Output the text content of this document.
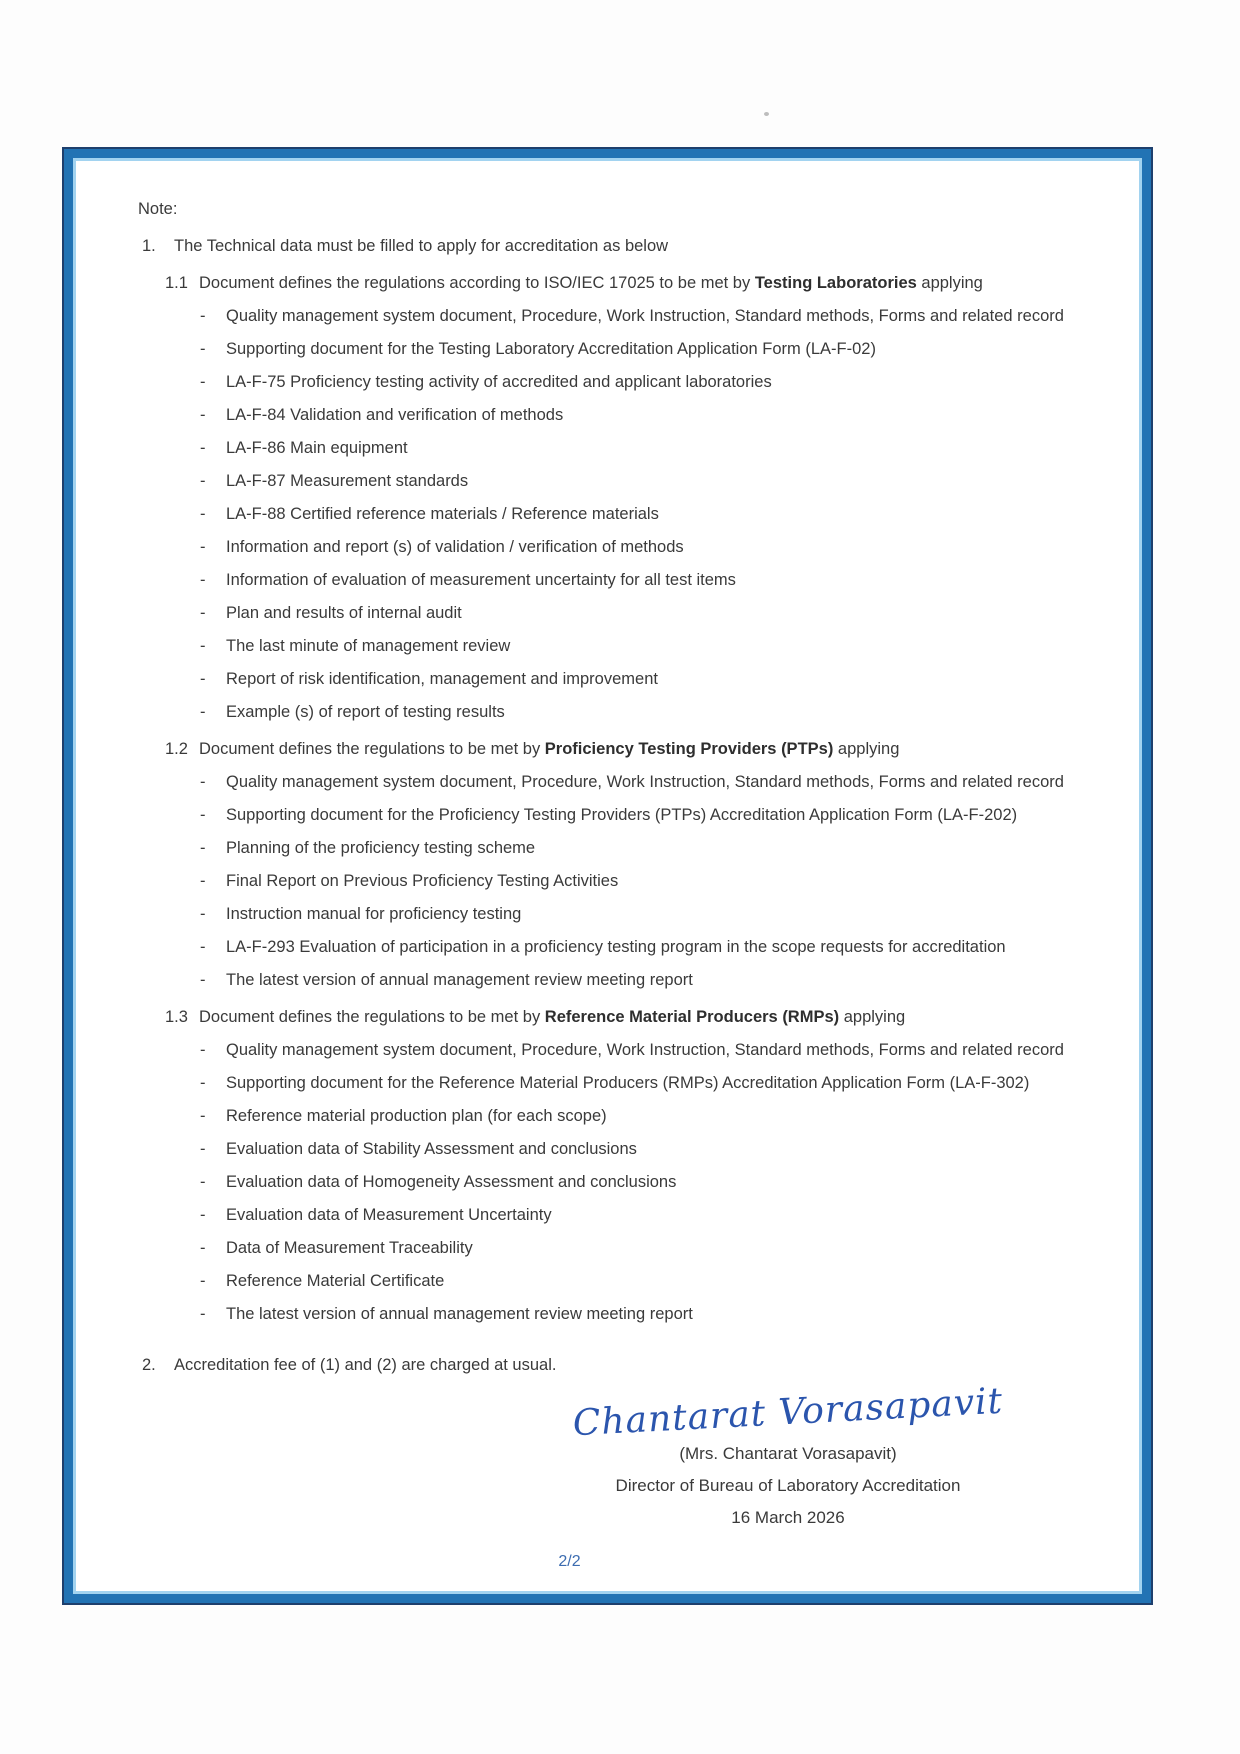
Note:
1.	The Technical data must be filled to apply for accreditation as below
1.1 Document defines the regulations according to ISO/IEC 17025 to be met by Testing Laboratories applying
-	Quality management system document, Procedure, Work Instruction, Standard methods, Forms and related record
-	Supporting document for the Testing Laboratory Accreditation Application Form (LA-F-02)
-	LA-F-75 Proficiency testing activity of accredited and applicant laboratories
-	LA-F-84 Validation and verification of methods
-	LA-F-86 Main equipment
-	LA-F-87 Measurement standards
-	LA-F-88 Certified reference materials / Reference materials
-	Information and report (s) of validation / verification of methods
-	Information of evaluation of measurement uncertainty for all test items
-	Plan and results of internal audit
-	The last minute of management review
-	Report of risk identification, management and improvement
-	Example (s) of report of testing results
1.2 Document defines the regulations to be met by Proficiency Testing Providers (PTPs) applying
-	Quality management system document, Procedure, Work Instruction, Standard methods, Forms and related record
-	Supporting document for the Proficiency Testing Providers (PTPs) Accreditation Application Form (LA-F-202)
-	Planning of the proficiency testing scheme
-	Final Report on Previous Proficiency Testing Activities
-	Instruction manual for proficiency testing
-	LA-F-293 Evaluation of participation in a proficiency testing program in the scope requests for accreditation
-	The latest version of annual management review meeting report
1.3 Document defines the regulations to be met by Reference Material Producers (RMPs) applying
-	Quality management system document, Procedure, Work Instruction, Standard methods, Forms and related record
-	Supporting document for the Reference Material Producers (RMPs) Accreditation Application Form (LA-F-302)
-	Reference material production plan (for each scope)
-	Evaluation data of Stability Assessment and conclusions
-	Evaluation data of Homogeneity Assessment and conclusions
-	Evaluation data of Measurement Uncertainty
-	Data of Measurement Traceability
-	Reference Material Certificate
-	The latest version of annual management review meeting report
2.	Accreditation fee of (1) and (2) are charged at usual.
Chantarat Vorasapavit
(Mrs. Chantarat Vorasapavit)
Director of Bureau of Laboratory Accreditation
16 March 2026
2/2
